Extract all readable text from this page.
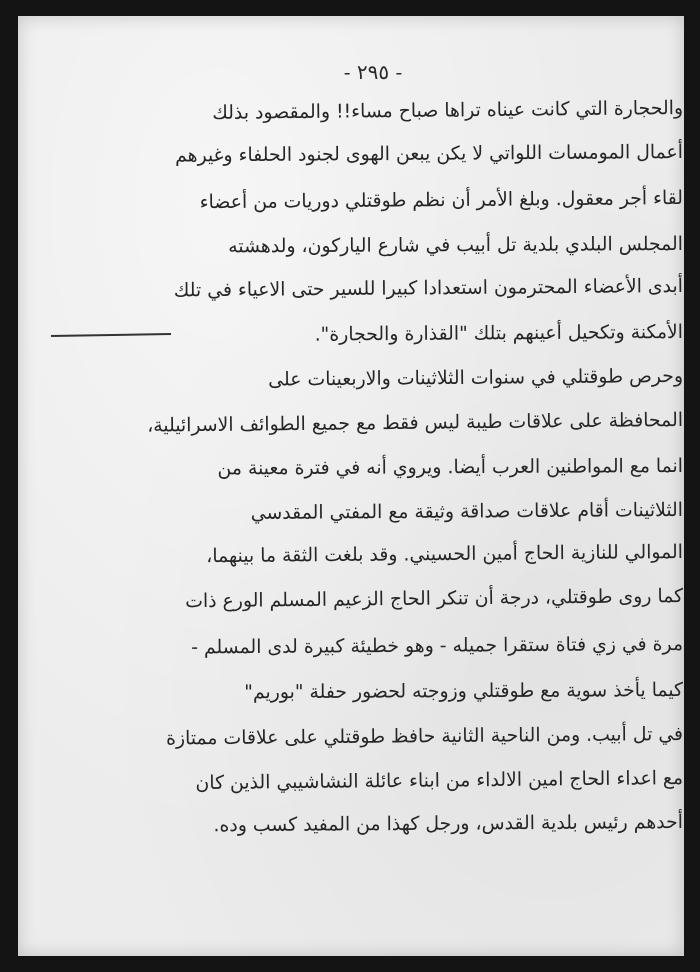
- ٢٩٥ -
والحجارة التي كانت عيناه تراها صباح مساء!! والمقصود بذلك
أعمال المومسات اللواتي لا يكن يبعن الهوى لجنود الحلفاء وغيرهم
لقاء أجر معقول. وبلغ الأمر أن نظم طوقتلي دوريات من أعضاء
المجلس البلدي بلدية تل أبيب في شارع الياركون، ولدهشته
أبدى الأعضاء المحترمون استعدادا كبيرا للسير حتى الاعياء في تلك
الأمكنة وتكحيل أعينهم بتلك "القذارة والحجارة".
وحرص طوقتلي في سنوات الثلاثينات والاربعينات على
المحافظة على علاقات طيبة ليس فقط مع جميع الطوائف الاسرائيلية،
انما مع المواطنين العرب أيضا. ويروي أنه في فترة معينة من
الثلاثينات أقام علاقات صداقة وثيقة مع المفتي المقدسي
الموالي للنازية الحاج أمين الحسيني. وقد بلغت الثقة ما بينهما،
كما روى طوقتلي، درجة أن تنكر الحاج الزعيم المسلم الورع ذات
مرة في زي فتاة ستقرا جميله - وهو خطيئة كبيرة لدى المسلم -
كيما يأخذ سوية مع طوقتلي وزوجته لحضور حفلة "بوريم"
في تل أبيب. ومن الناحية الثانية حافظ طوقتلي على علاقات ممتازة
مع اعداء الحاج امين الالداء من ابناء عائلة النشاشيبي الذين كان
أحدهم رئيس بلدية القدس، ورجل كهذا من المفيد كسب وده.
